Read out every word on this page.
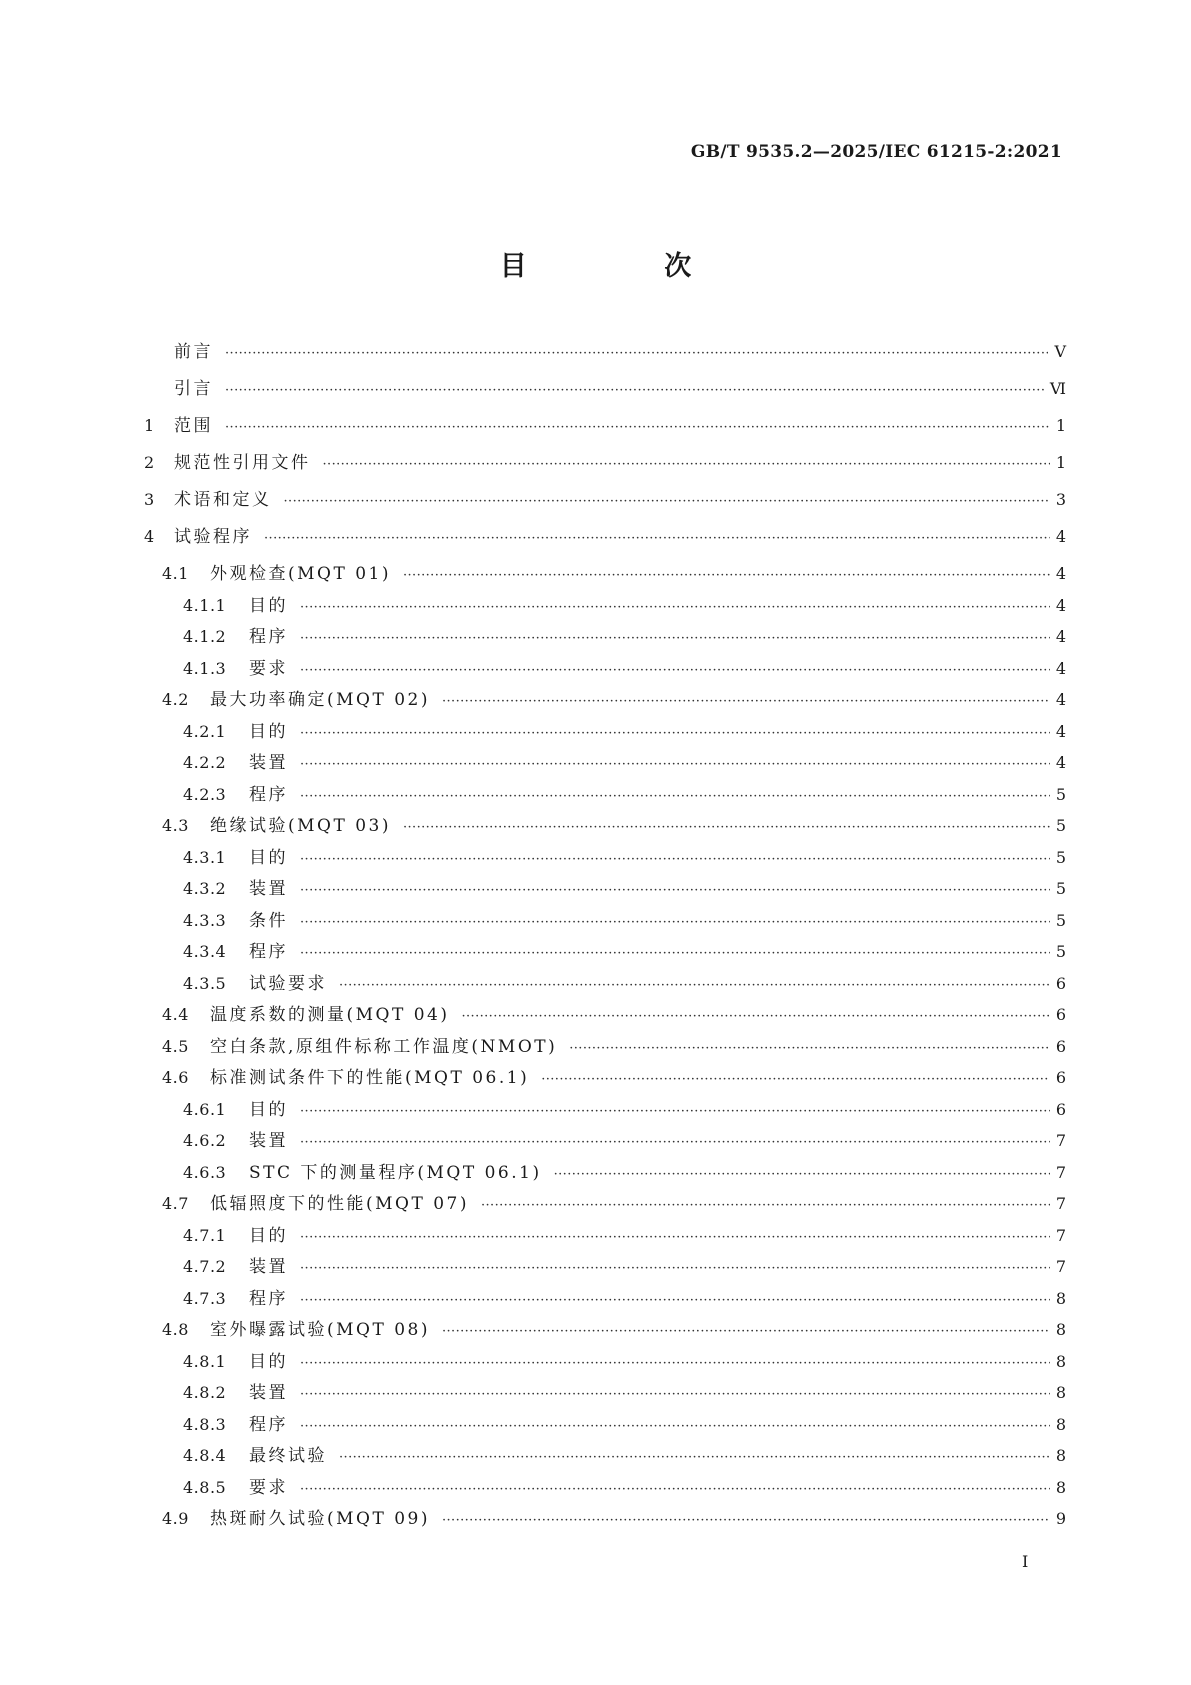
GB/T 9535.2—2025/IEC 61215-2:2021
目 次
前言 ·····	Ⅴ
引言 ·····	Ⅵ
1	范围 ·····	1
2	规范性引用文件 ·····	1
3	术语和定义 ·····	3
4	试验程序 ·····	4
4.1	外观检查(MQT 01) ·····	4
4.1.1	目的 ·····	4
4.1.2	程序 ·····	4
4.1.3	要求 ·····	4
4.2	最大功率确定(MQT 02) ·····	4
4.2.1	目的 ·····	4
4.2.2	装置 ·····	4
4.2.3	程序 ·····	5
4.3	绝缘试验(MQT 03) ·····	5
4.3.1	目的 ·····	5
4.3.2	装置 ·····	5
4.3.3	条件 ·····	5
4.3.4	程序 ·····	5
4.3.5	试验要求 ·····	6
4.4	温度系数的测量(MQT 04) ·····	6
4.5	空白条款,原组件标称工作温度(NMOT) ·····	6
4.6	标准测试条件下的性能(MQT 06.1) ·····	6
4.6.1	目的 ·····	6
4.6.2	装置 ·····	7
4.6.3	STC 下的测量程序(MQT 06.1) ·····	7
4.7	低辐照度下的性能(MQT 07) ·····	7
4.7.1	目的 ·····	7
4.7.2	装置 ·····	7
4.7.3	程序 ·····	8
4.8	室外曝露试验(MQT 08) ·····	8
4.8.1	目的 ·····	8
4.8.2	装置 ·····	8
4.8.3	程序 ·····	8
4.8.4	最终试验 ·····	8
4.8.5	要求 ·····	8
4.9	热斑耐久试验(MQT 09) ·····	9
Ⅰ
